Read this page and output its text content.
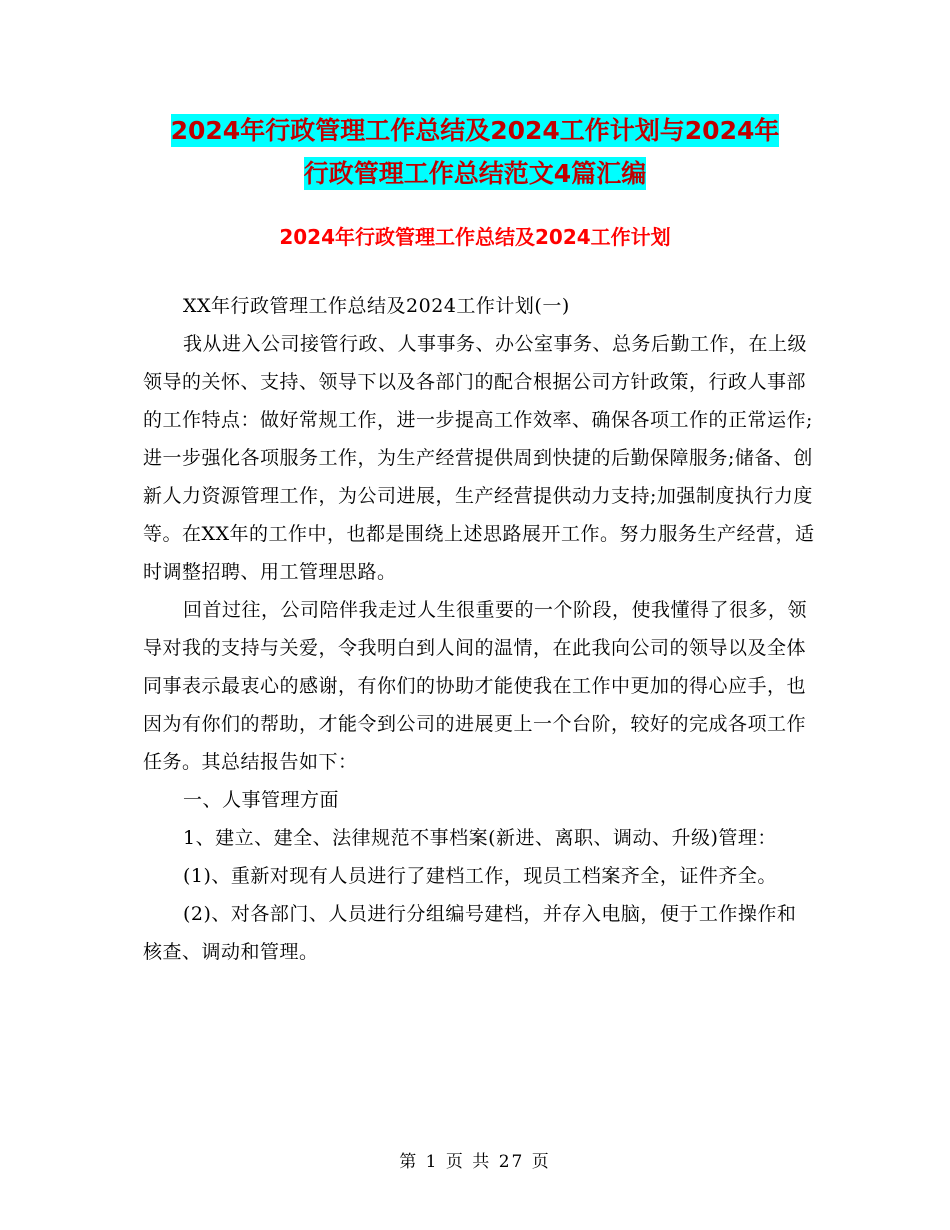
2024年行政管理工作总结及2024工作计划与2024年
行政管理工作总结范文4篇汇编
2024年行政管理工作总结及2024工作计划

XX年行政管理工作总结及2024工作计划(一)

我从进入公司接管行政、人事事务、办公室事务、总务后勤工作，在上级领导的关怀、支持、领导下以及各部门的配合根据公司方针政策，行政人事部的工作特点：做好常规工作，进一步提高工作效率、确保各项工作的正常运作;进一步强化各项服务工作，为生产经营提供周到快捷的后勤保障服务;储备、创新人力资源管理工作，为公司进展，生产经营提供动力支持;加强制度执行力度等。在XX年的工作中，也都是围绕上述思路展开工作。努力服务生产经营，适时调整招聘、用工管理思路。

回首过往，公司陪伴我走过人生很重要的一个阶段，使我懂得了很多，领导对我的支持与关爱，令我明白到人间的温情，在此我向公司的领导以及全体同事表示最衷心的感谢，有你们的协助才能使我在工作中更加的得心应手，也因为有你们的帮助，才能令到公司的进展更上一个台阶，较好的完成各项工作任务。其总结报告如下：

一、人事管理方面

1、建立、建全、法律规范不事档案(新进、离职、调动、升级)管理：

(1)、重新对现有人员进行了建档工作，现员工档案齐全，证件齐全。

(2)、对各部门、人员进行分组编号建档，并存入电脑，便于工作操作和核查、调动和管理。

第 1 页 共 27 页
